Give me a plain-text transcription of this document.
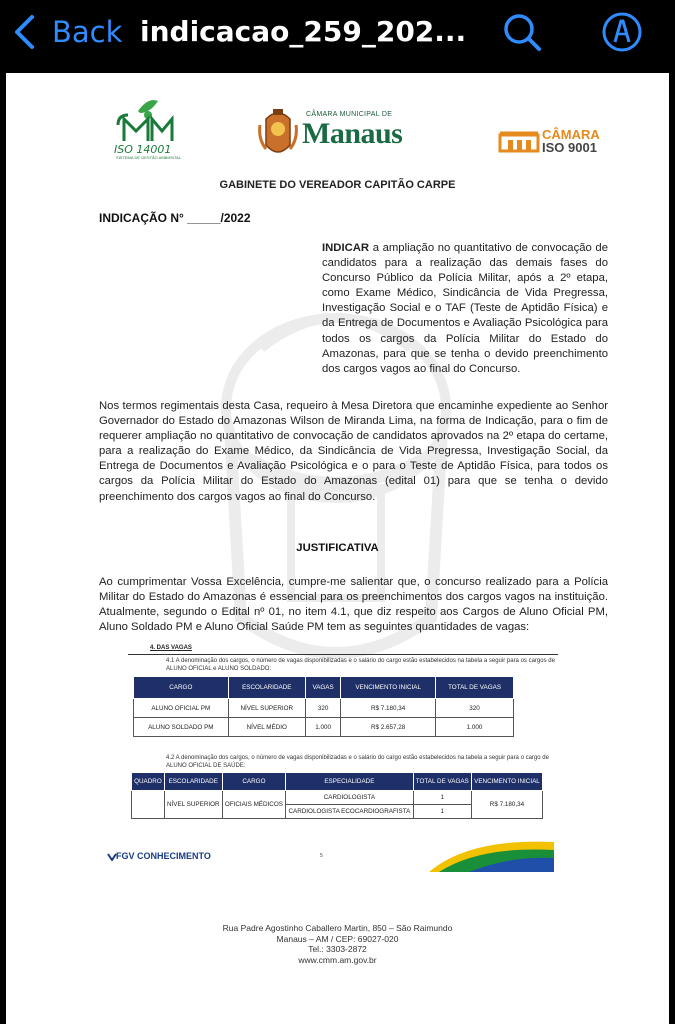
Back indicacao_259_202...
ISO 14001
SISTEMA DE GESTÃO AMBIENTAL
CÂMARA MUNICIPAL DE
Manaus	CÂMARA
ISO 9001
GABINETE DO VEREADOR CAPITÃO CARPE
INDICAÇÃO N° _____/2022
INDICAR a ampliação no quantitativo de convocação de candidatos para a realização das demais fases do Concurso Público da Polícia Militar, após a 2º etapa, como Exame Médico, Sindicância de Vida Pregressa, Investigação Social e o TAF (Teste de Aptidão Física) e da Entrega de Documentos e Avaliação Psicológica para todos os cargos da Polícia Militar do Estado do Amazonas, para que se tenha o devido preenchimento dos cargos vagos ao final do Concurso.
Nos termos regimentais desta Casa, requeiro à Mesa Diretora que encaminhe expediente ao Senhor Governador do Estado do Amazonas Wilson de Miranda Lima, na forma de Indicação, para o fim de requerer ampliação no quantitativo de convocação de candidatos aprovados na 2º etapa do certame, para a realização do Exame Médico, da Sindicância de Vida Pregressa, Investigação Social, da Entrega de Documentos e Avaliação Psicológica e o para o Teste de Aptidão Física, para todos os cargos da Polícia Militar do Estado do Amazonas (edital 01) para que se tenha o devido preenchimento dos cargos vagos ao final do Concurso.
JUSTIFICATIVA
Ao cumprimentar Vossa Excelência, cumpre-me salientar que, o concurso realizado para a Polícia Militar do Estado do Amazonas é essencial para os preenchimentos dos cargos vagos na instituição. Atualmente, segundo o Edital nº 01, no item 4.1, que diz respeito aos Cargos de Aluno Oficial PM, Aluno Soldado PM e Aluno Oficial Saúde PM tem as seguintes quantidades de vagas:
4. DAS VAGAS
4.1 A denominação dos cargos, o número de vagas disponibilizadas e o salário do cargo estão estabelecidos na tabela a seguir para os cargos de ALUNO OFICIAL e ALUNO SOLDADO:
CARGO	ESCOLARIDADE	VAGAS	VENCIMENTO INICIAL	TOTAL DE VAGAS
ALUNO OFICIAL PM	NÍVEL SUPERIOR	320	R$ 7.180,34	320
ALUNO SOLDADO PM	NÍVEL MÉDIO	1.000	R$ 2.657,28	1.000
4.2 A denominação dos cargos, o número de vagas disponibilizadas e o salário do cargo estão estabelecidos na tabela a seguir para o cargo de ALUNO OFICIAL DE SAÚDE:
QUADRO	ESCOLARIDADE	CARGO	ESPECIALIDADE	TOTAL DE VAGAS	VENCIMENTO INICIAL
	NÍVEL SUPERIOR	OFICIAIS MÉDICOS	CARDIOLOGISTA	1	R$ 7.180,34
			CARDIOLOGISTA ECOCARDIOGRAFISTA	1	
FGV CONHECIMENTO	5
Rua Padre Agostinho Caballero Martin, 850 – São Raimundo
Manaus – AM / CEP: 69027-020
Tel.: 3303-2872
www.cmm.am.gov.br
